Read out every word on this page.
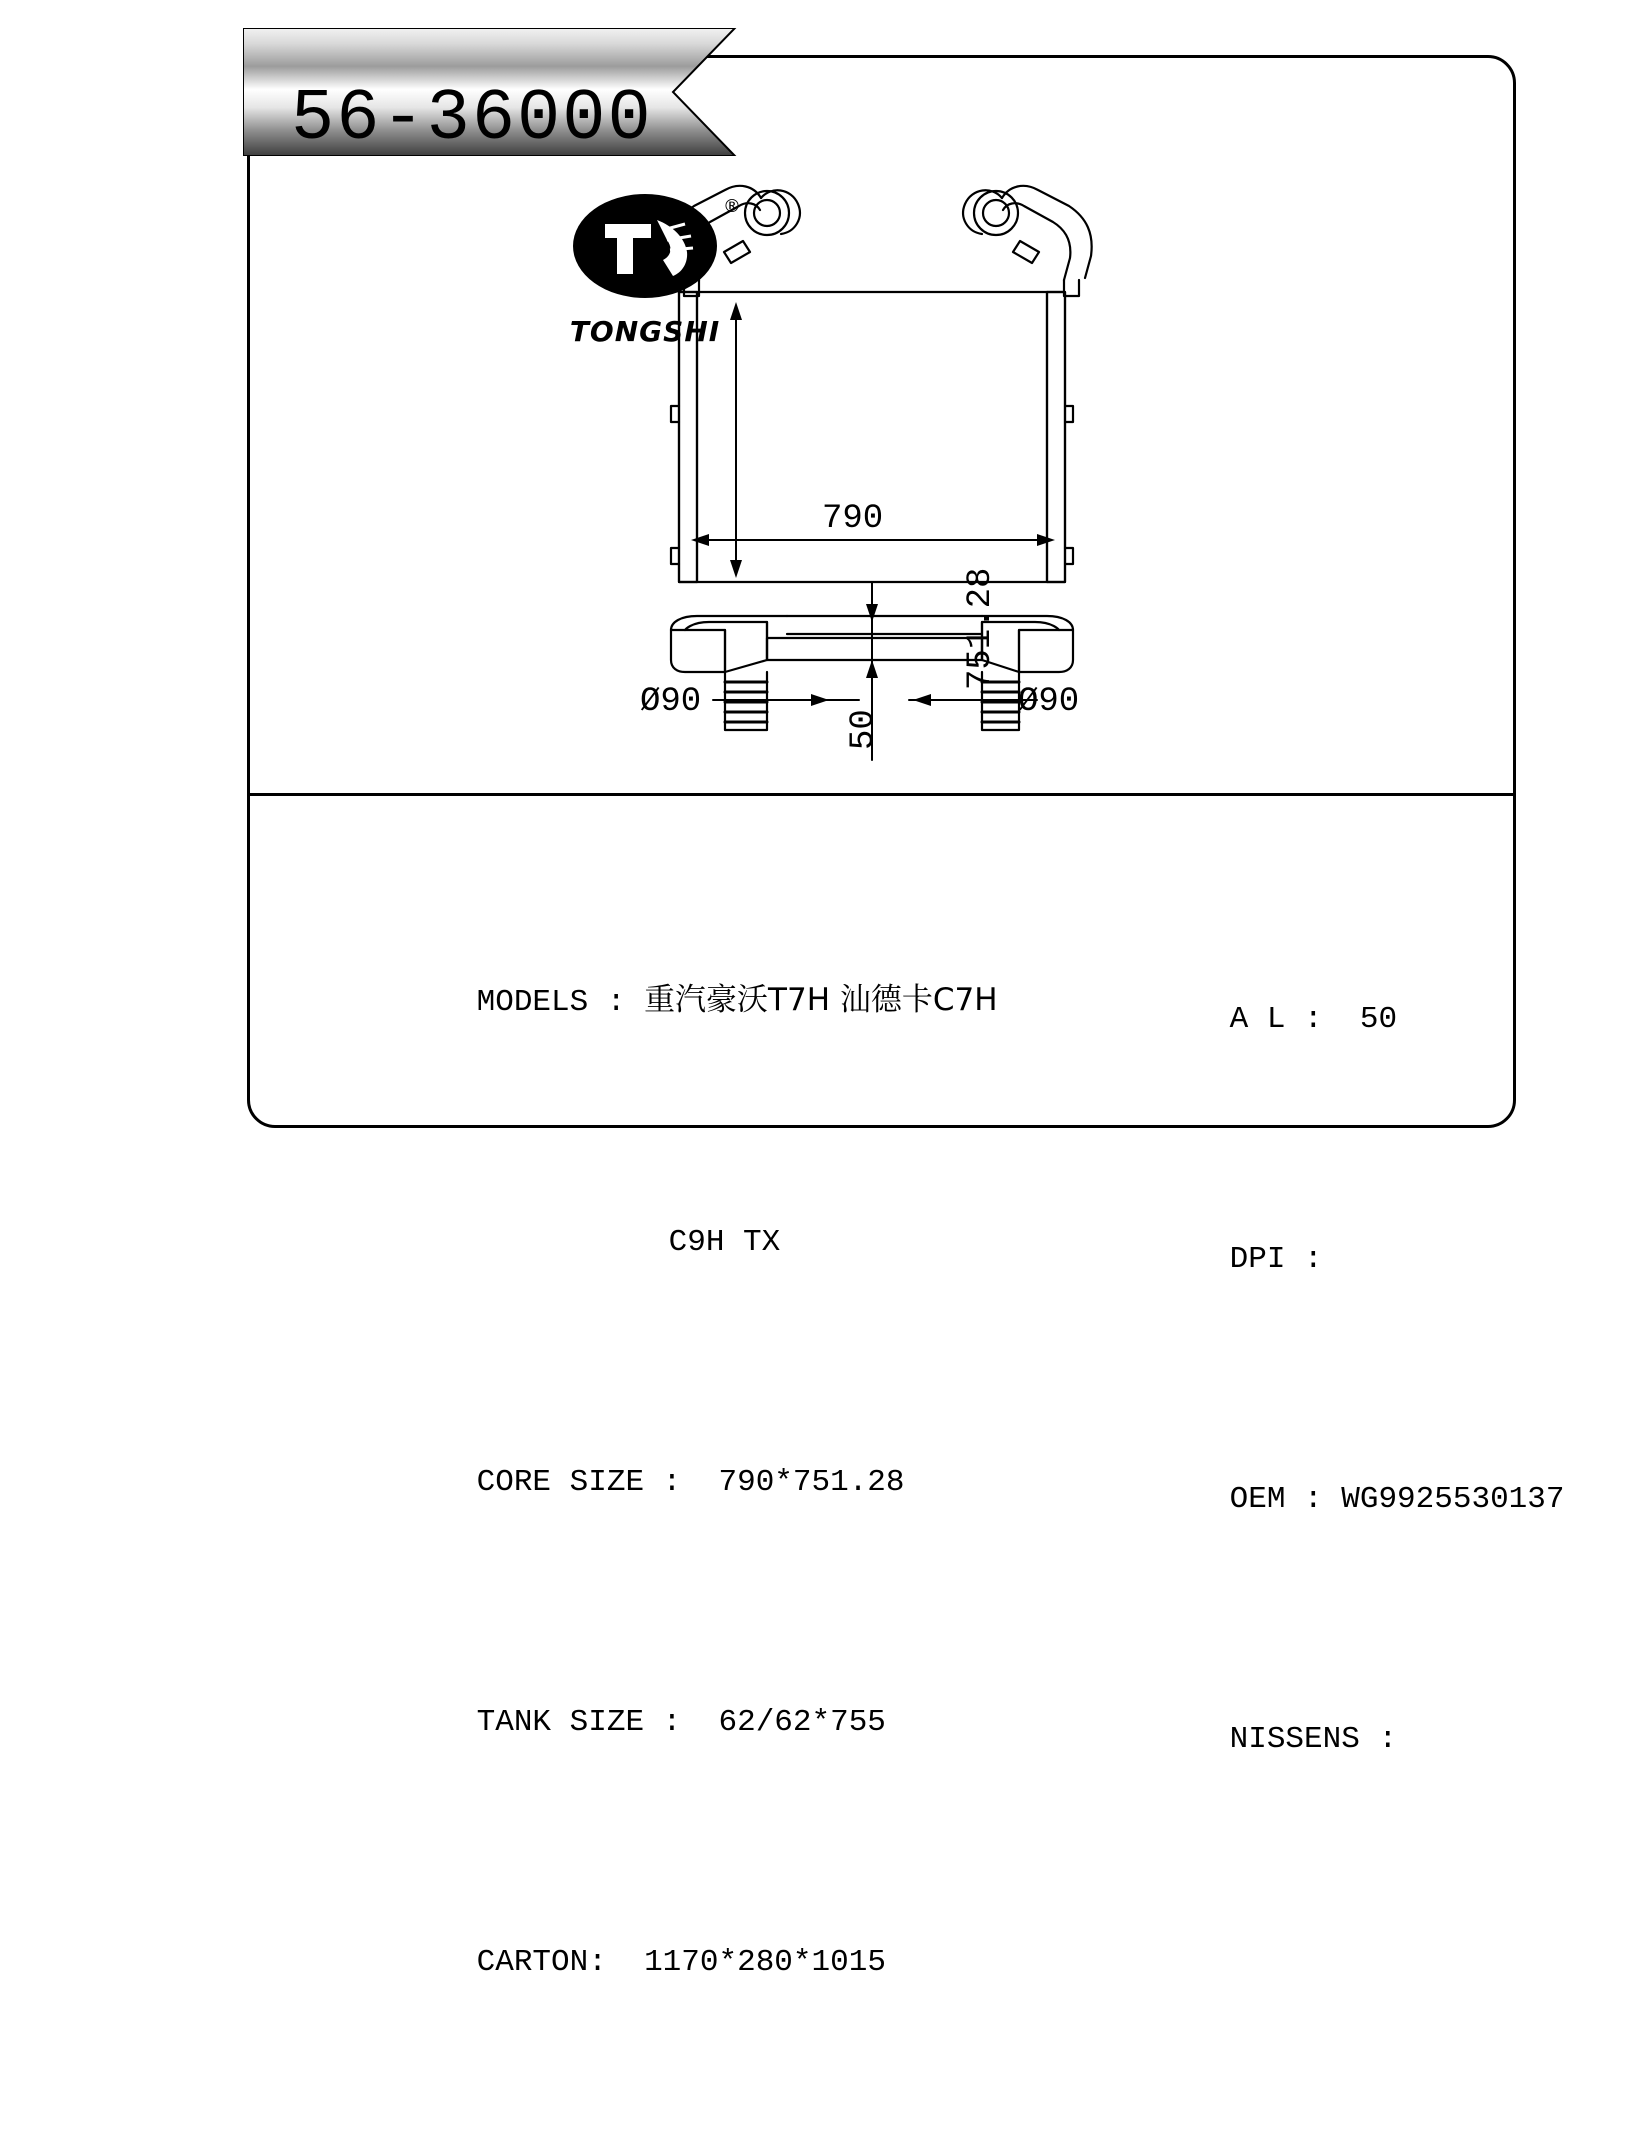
56-36000
751.28
790
50
Ø90	Ø90
®
TONGSHI

MODELS : 重汽豪沃T7H 汕德卡C7H

C9H TX

CORE SIZE : 790*751.28

TANK SIZE : 62/62*755

CARTON: 1170*280*1015

A L : 50

DPI :

OEM : WG9925530137

NISSENS :
